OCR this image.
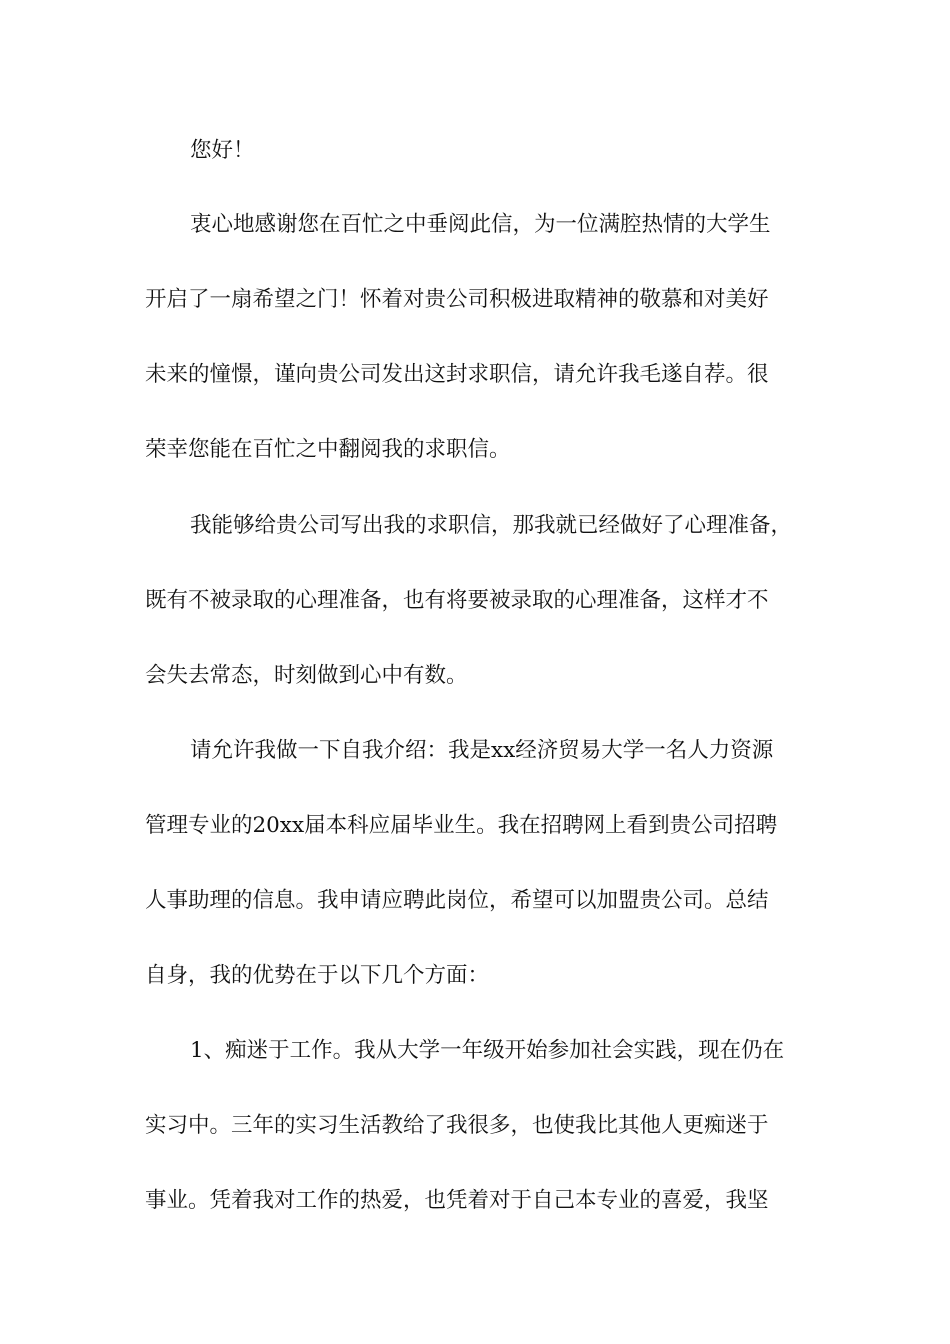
您好！
衷心地感谢您在百忙之中垂阅此信，为一位满腔热情的大学生
开启了一扇希望之门！怀着对贵公司积极进取精神的敬慕和对美好
未来的憧憬，谨向贵公司发出这封求职信，请允许我毛遂自荐。很
荣幸您能在百忙之中翻阅我的求职信。
我能够给贵公司写出我的求职信，那我就已经做好了心理准备，
既有不被录取的心理准备，也有将要被录取的心理准备，这样才不
会失去常态，时刻做到心中有数。
请允许我做一下自我介绍：我是xx经济贸易大学一名人力资源
管理专业的20xx届本科应届毕业生。我在招聘网上看到贵公司招聘
人事助理的信息。我申请应聘此岗位，希望可以加盟贵公司。总结
自身，我的优势在于以下几个方面：
1、痴迷于工作。我从大学一年级开始参加社会实践，现在仍在
实习中。三年的实习生活教给了我很多，也使我比其他人更痴迷于
事业。凭着我对工作的热爱，也凭着对于自己本专业的喜爱，我坚
